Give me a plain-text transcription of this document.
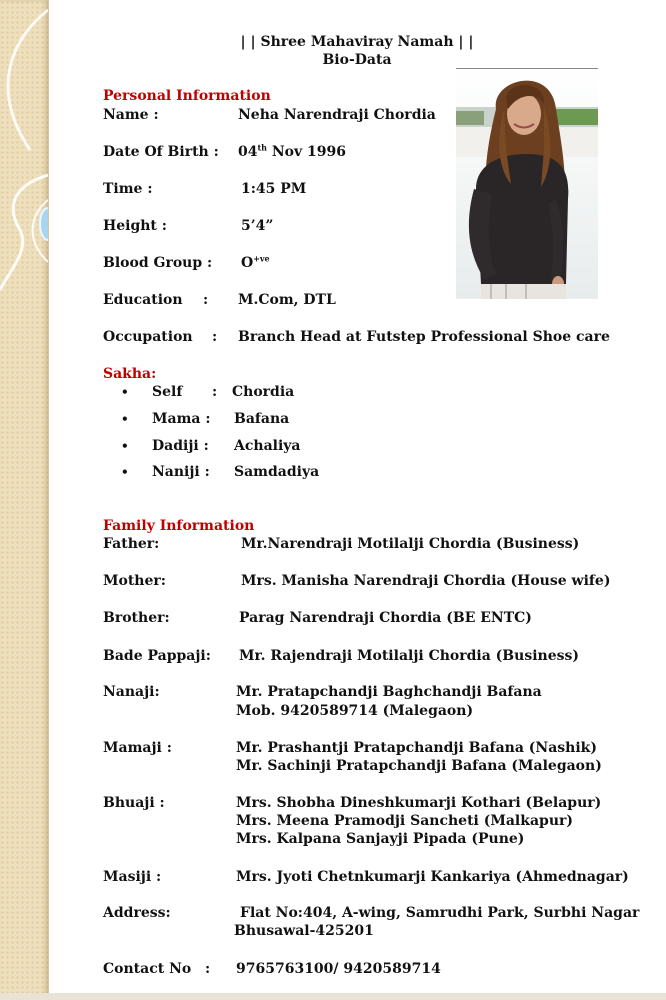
| | Shree Mahaviray Namah | |
Bio-Data
Personal Information
Name :	Neha Narendraji Chordia
Date Of Birth : 04th Nov 1996
Time :	1:45 PM
Height :	5’4”
Blood Group : $O^{+ve}$
Education : M.Com, DTL
Occupation : Branch Head at Futstep Professional Shoe care
Sakha:
• Self : Chordia
• Mama : Bafana
• Dadiji : Achaliya
• Naniji : Samdadiya
Family Information
Father:	Mr.Narendraji Motilalji Chordia (Business)
Mother:	Mrs. Manisha Narendraji Chordia (House wife)
Brother:	Parag Narendraji Chordia (BE ENTC)
Bade Pappaji: Mr. Rajendraji Motilalji Chordia (Business)
Nanaji:	Mr. Pratapchandji Baghchandji Bafana
Mob. 9420589714 (Malegaon)
Mamaji :	Mr. Prashantji Pratapchandji Bafana (Nashik)
Mr. Sachinji Pratapchandji Bafana (Malegaon)
Bhuaji :	Mrs. Shobha Dineshkumarji Kothari (Belapur)
Mrs. Meena Pramodji Sancheti (Malkapur)
Mrs. Kalpana Sanjayji Pipada (Pune)
Masiji :	Mrs. Jyoti Chetnkumarji Kankariya (Ahmednagar)
Address:	Flat No:404, A-wing, Samrudhi Park, Surbhi Nagar
Bhusawal-425201
Contact No : 9765763100/ 9420589714
